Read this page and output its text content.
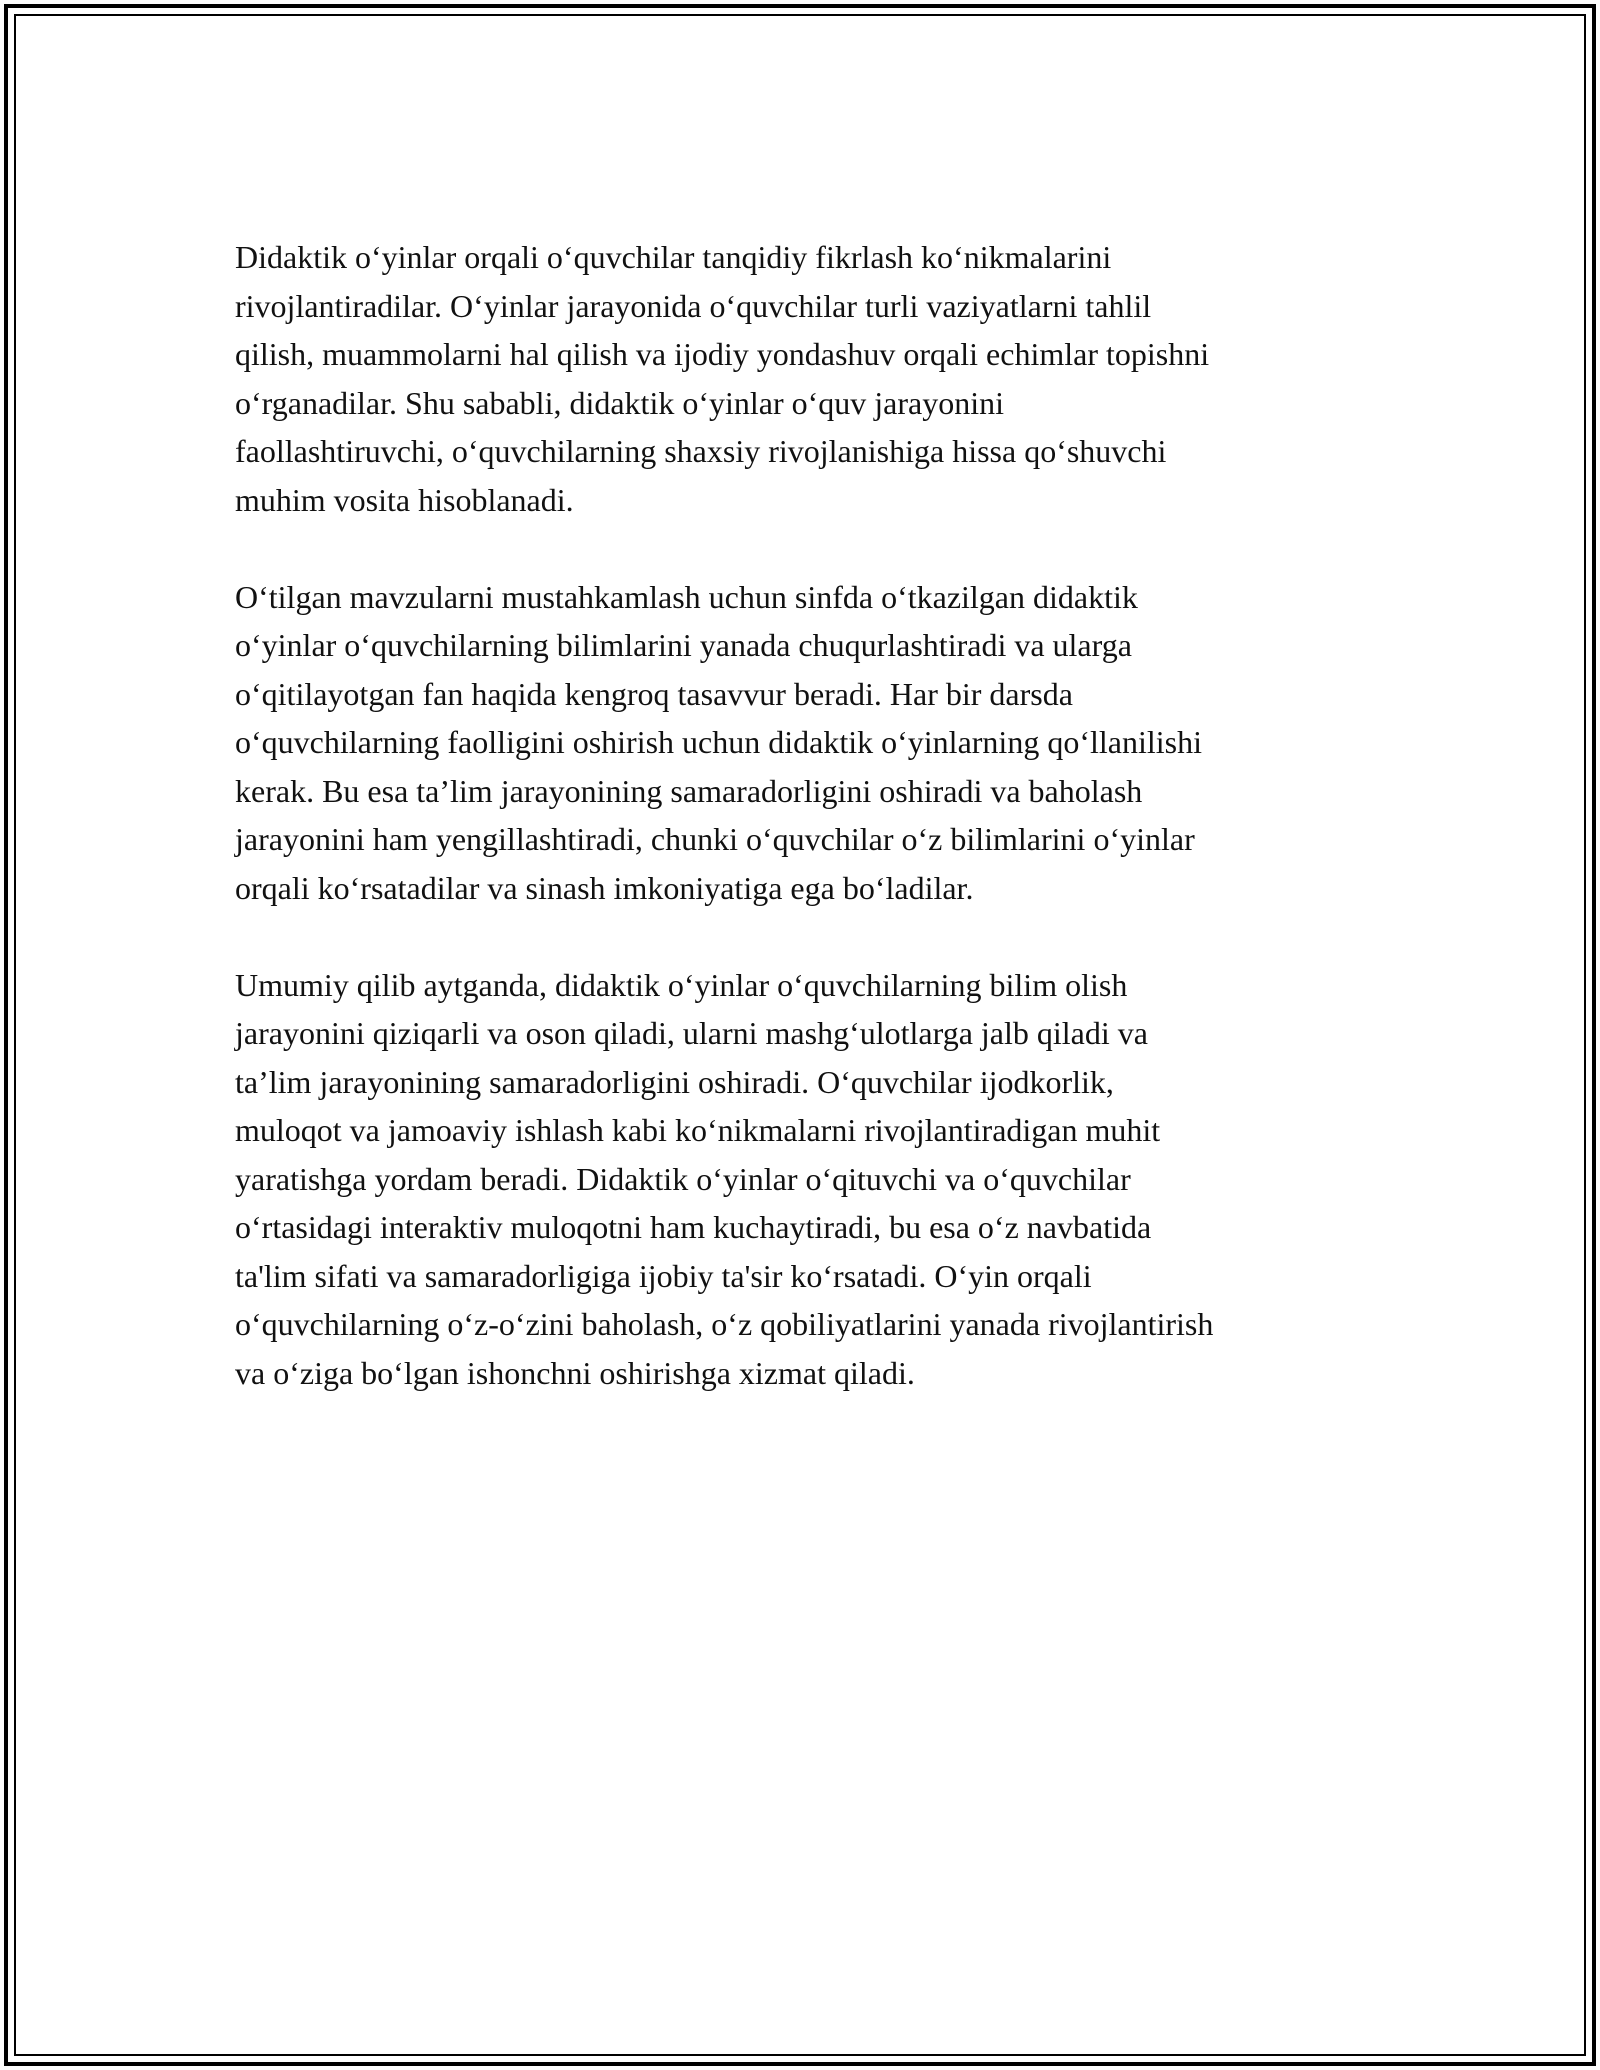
Didaktik o‘yinlar orqali o‘quvchilar tanqidiy fikrlash ko‘nikmalarini
rivojlantiradilar. O‘yinlar jarayonida o‘quvchilar turli vaziyatlarni tahlil
qilish, muammolarni hal qilish va ijodiy yondashuv orqali echimlar topishni
o‘rganadilar. Shu sababli, didaktik o‘yinlar o‘quv jarayonini
faollashtiruvchi, o‘quvchilarning shaxsiy rivojlanishiga hissa qo‘shuvchi
muhim vosita hisoblanadi.

O‘tilgan mavzularni mustahkamlash uchun sinfda o‘tkazilgan didaktik
o‘yinlar o‘quvchilarning bilimlarini yanada chuqurlashtiradi va ularga
o‘qitilayotgan fan haqida kengroq tasavvur beradi. Har bir darsda
o‘quvchilarning faolligini oshirish uchun didaktik o‘yinlarning qo‘llanilishi
kerak. Bu esa ta’lim jarayonining samaradorligini oshiradi va baholash
jarayonini ham yengillashtiradi, chunki o‘quvchilar o‘z bilimlarini o‘yinlar
orqali ko‘rsatadilar va sinash imkoniyatiga ega bo‘ladilar.

Umumiy qilib aytganda, didaktik o‘yinlar o‘quvchilarning bilim olish
jarayonini qiziqarli va oson qiladi, ularni mashg‘ulotlarga jalb qiladi va
ta’lim jarayonining samaradorligini oshiradi. O‘quvchilar ijodkorlik,
muloqot va jamoaviy ishlash kabi ko‘nikmalarni rivojlantiradigan muhit
yaratishga yordam beradi. Didaktik o‘yinlar o‘qituvchi va o‘quvchilar
o‘rtasidagi interaktiv muloqotni ham kuchaytiradi, bu esa o‘z navbatida
ta'lim sifati va samaradorligiga ijobiy ta'sir ko‘rsatadi. O‘yin orqali
o‘quvchilarning o‘z-o‘zini baholash, o‘z qobiliyatlarini yanada rivojlantirish
va o‘ziga bo‘lgan ishonchni oshirishga xizmat qiladi.
